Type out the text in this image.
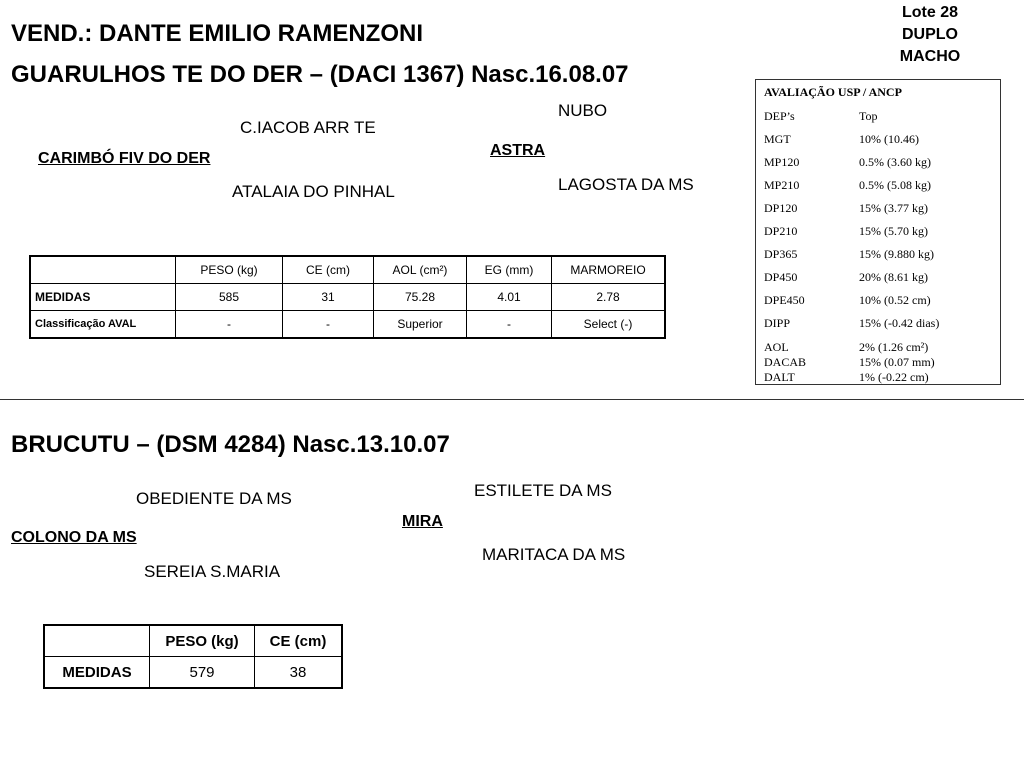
VEND.: DANTE EMILIO RAMENZONI
GUARULHOS TE DO DER – (DACI 1367) Nasc.16.08.07
Lote 28
DUPLO
MACHO
C.IACOB ARR TE
CARIMBÓ FIV DO DER
ATALAIA DO PINHAL
NUBO
ASTRA
LAGOSTA DA MS
AVALIAÇÃO USP / ANCP
DEP’s	Top
MGT	10% (10.46)
MP120	0.5% (3.60 kg)
MP210	0.5% (5.08 kg)
DP120	15% (3.77 kg)
DP210	15% (5.70 kg)
DP365	15% (9.880 kg)
DP450	20% (8.61 kg)
DPE450	10% (0.52 cm)
DIPP	15% (-0.42 dias)
AOL	2% (1.26 cm²)
DACAB	15% (0.07 mm)
DALT	1% (-0.22 cm)
	PESO (kg)	CE (cm)	AOL (cm²)	EG (mm)	MARMOREIO
MEDIDAS	585	31	75.28	4.01	2.78
Classificação AVAL	-	-	Superior	-	Select (-)
BRUCUTU – (DSM 4284) Nasc.13.10.07
OBEDIENTE DA MS
COLONO DA MS
SEREIA S.MARIA
ESTILETE DA MS
MIRA
MARITACA DA MS
	PESO (kg)	CE (cm)
MEDIDAS	579	38
